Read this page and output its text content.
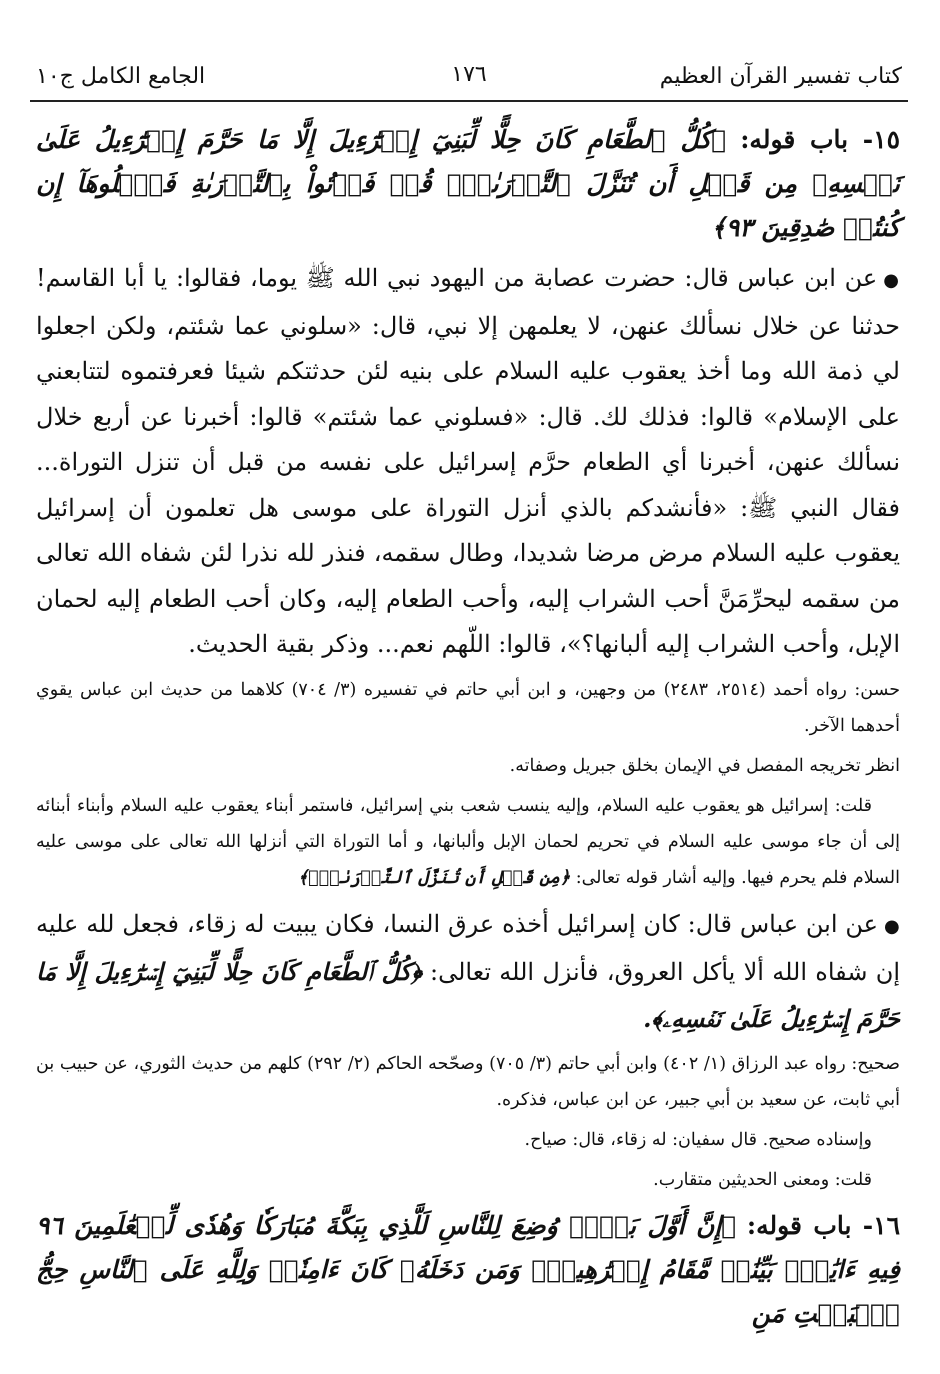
كتاب تفسير القرآن العظيم
١٧٦
الجامع الكامل ج١٠

١٥- باب قوله: ﴿كُلُّ ٱلطَّعَامِ كَانَ حِلًّا لِّبَنِيٓ إِسۡرَٰٓءِيلَ إِلَّا مَا حَرَّمَ إِسۡرَٰٓءِيلُ عَلَىٰ نَفۡسِهِۦ مِن قَبۡلِ أَن تُنَزَّلَ ٱلتَّوۡرَىٰةُۚ قُلۡ فَأۡتُواْ بِٱلتَّوۡرَىٰةِ فَٱتۡلُوهَآ إِن كُنتُمۡ صَٰدِقِينَ ٩٣﴾

●عن ابن عباس قال: حضرت عصابة من اليهود نبي الله ﷺ يوما، فقالوا: يا أبا القاسم! حدثنا عن خلال نسألك عنهن، لا يعلمهن إلا نبي، قال: «سلوني عما شئتم، ولكن اجعلوا لي ذمة الله وما أخذ يعقوب عليه السلام على بنيه لئن حدثتكم شيئا فعرفتموه لتتابعني على الإسلام» قالوا: فذلك لك. قال: «فسلوني عما شئتم» قالوا: أخبرنا عن أربع خلال نسألك عنهن، أخبرنا أي الطعام حرَّم إسرائيل على نفسه من قبل أن تنزل التوراة... فقال النبي ﷺ: «فأنشدكم بالذي أنزل التوراة على موسى هل تعلمون أن إسرائيل يعقوب عليه السلام مرض مرضا شديدا، وطال سقمه، فنذر لله نذرا لئن شفاه الله تعالى من سقمه ليحرِّمَنَّ أحب الشراب إليه، وأحب الطعام إليه، وكان أحب الطعام إليه لحمان الإبل، وأحب الشراب إليه ألبانها؟»، قالوا: اللّهم نعم... وذكر بقية الحديث.

حسن: رواه أحمد (٢٥١٤، ٢٤٨٣) من وجهين، و ابن أبي حاتم في تفسيره (٣/ ٧٠٤) كلاهما من حديث ابن عباس يقوي أحدهما الآخر.

انظر تخريجه المفصل في الإيمان بخلق جبريل وصفاته.

قلت: إسرائيل هو يعقوب عليه السلام، وإليه ينسب شعب بني إسرائيل، فاستمر أبناء يعقوب عليه السلام وأبناء أبنائه إلى أن جاء موسى عليه السلام في تحريم لحمان الإبل وألبانها، و أما التوراة التي أنزلها الله تعالى على موسى عليه السلام فلم يحرم فيها. وإليه أشار قوله تعالى: ﴿مِن قَبۡلِ أَن تُنَزَّلَ ٱلتَّوۡرَىٰةُۚ﴾

●عن ابن عباس قال: كان إسرائيل أخذه عرق النسا، فكان يبيت له زقاء، فجعل لله عليه إن شفاه الله ألا يأكل العروق، فأنزل الله تعالى: ﴿كُلُّ ٱلطَّعَامِ كَانَ حِلًّا لِّبَنِيٓ إِسۡرَٰٓءِيلَ إِلَّا مَا حَرَّمَ إِسۡرَٰٓءِيلُ عَلَىٰ نَفۡسِهِۦ﴾.

صحيح: رواه عبد الرزاق (١/ ٤٠٢) وابن أبي حاتم (٣/ ٧٠٥) وصحّحه الحاكم (٢/ ٢٩٢) كلهم من حديث الثوري، عن حبيب بن أبي ثابت، عن سعيد بن أبي جبير، عن ابن عباس، فذكره.

وإسناده صحيح. قال سفيان: له زقاء، قال: صياح.

قلت: ومعنى الحديثين متقارب.

١٦- باب قوله: ﴿إِنَّ أَوَّلَ بَيۡتٖ وُضِعَ لِلنَّاسِ لَلَّذِي بِبَكَّةَ مُبَارَكٗا وَهُدٗى لِّلۡعَٰلَمِينَ ٩٦ فِيهِ ءَايَٰتُۢ بَيِّنَٰتٞ مَّقَامُ إِبۡرَٰهِيمَۖ وَمَن دَخَلَهُۥ كَانَ ءَامِنٗاۗ وَلِلَّهِ عَلَى ٱلنَّاسِ حِجُّ ٱلۡبَيۡتِ مَنِ
